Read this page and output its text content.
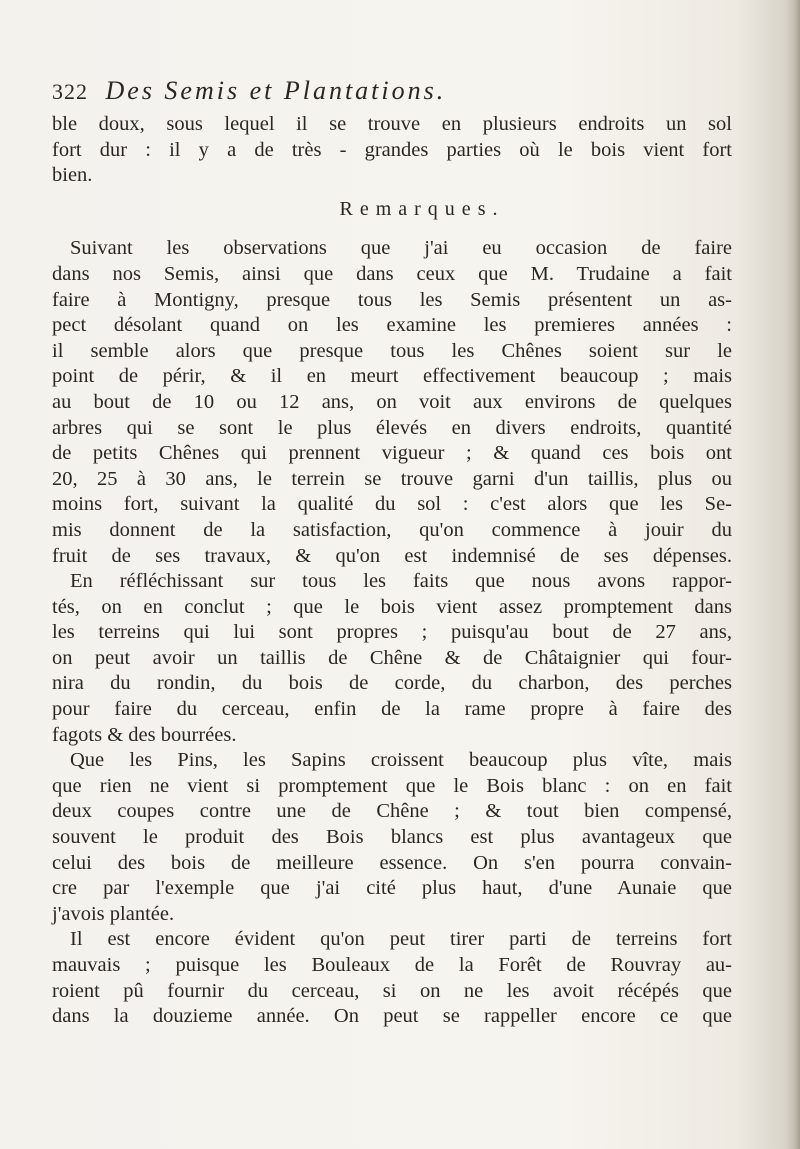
322 Des Semis et Plantations.
ble doux, sous lequel il se trouve en plusieurs endroits un sol
fort dur : il y a de très - grandes parties où le bois vient fort
bien.
Remarques.
Suivant les observations que j'ai eu occasion de faire
dans nos Semis, ainsi que dans ceux que M. Trudaine a fait
faire à Montigny, presque tous les Semis présentent un as-
pect désolant quand on les examine les premieres années :
il semble alors que presque tous les Chênes soient sur le
point de périr, & il en meurt effectivement beaucoup ; mais
au bout de 10 ou 12 ans, on voit aux environs de quelques
arbres qui se sont le plus élevés en divers endroits, quantité
de petits Chênes qui prennent vigueur ; & quand ces bois ont
20, 25 à 30 ans, le terrein se trouve garni d'un taillis, plus ou
moins fort, suivant la qualité du sol : c'est alors que les Se-
mis donnent de la satisfaction, qu'on commence à jouir du
fruit de ses travaux, & qu'on est indemnisé de ses dépenses.
En réfléchissant sur tous les faits que nous avons rappor-
tés, on en conclut ; que le bois vient assez promptement dans
les terreins qui lui sont propres ; puisqu'au bout de 27 ans,
on peut avoir un taillis de Chêne & de Châtaignier qui four-
nira du rondin, du bois de corde, du charbon, des perches
pour faire du cerceau, enfin de la rame propre à faire des
fagots & des bourrées.
Que les Pins, les Sapins croissent beaucoup plus vîte, mais
que rien ne vient si promptement que le Bois blanc : on en fait
deux coupes contre une de Chêne ; & tout bien compensé,
souvent le produit des Bois blancs est plus avantageux que
celui des bois de meilleure essence. On s'en pourra convain-
cre par l'exemple que j'ai cité plus haut, d'une Aunaie que
j'avois plantée.
Il est encore évident qu'on peut tirer parti de terreins fort
mauvais ; puisque les Bouleaux de la Forêt de Rouvray au-
roient pû fournir du cerceau, si on ne les avoit récépés que
dans la douzieme année. On peut se rappeller encore ce que
